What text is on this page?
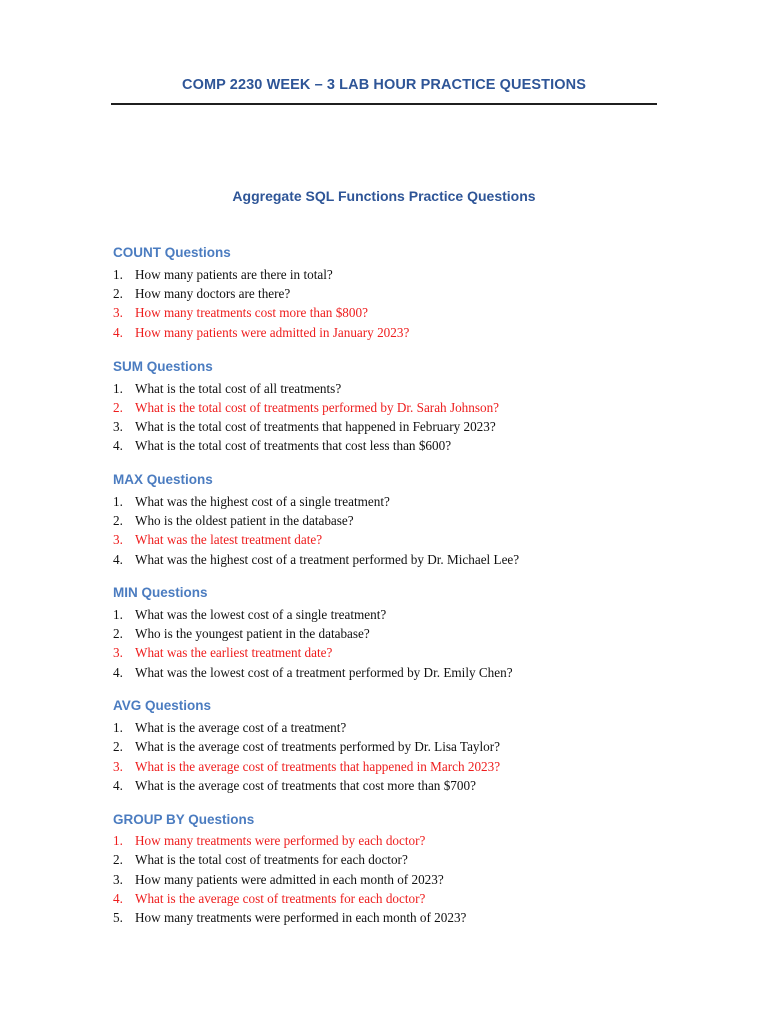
COMP 2230 WEEK – 3 LAB HOUR PRACTICE QUESTIONS
Aggregate SQL Functions Practice Questions
COUNT Questions
1. How many patients are there in total?
2. How many doctors are there?
3. How many treatments cost more than $800?
4. How many patients were admitted in January 2023?
SUM Questions
1. What is the total cost of all treatments?
2. What is the total cost of treatments performed by Dr. Sarah Johnson?
3. What is the total cost of treatments that happened in February 2023?
4. What is the total cost of treatments that cost less than $600?
MAX Questions
1. What was the highest cost of a single treatment?
2. Who is the oldest patient in the database?
3. What was the latest treatment date?
4. What was the highest cost of a treatment performed by Dr. Michael Lee?
MIN Questions
1. What was the lowest cost of a single treatment?
2. Who is the youngest patient in the database?
3. What was the earliest treatment date?
4. What was the lowest cost of a treatment performed by Dr. Emily Chen?
AVG Questions
1. What is the average cost of a treatment?
2. What is the average cost of treatments performed by Dr. Lisa Taylor?
3. What is the average cost of treatments that happened in March 2023?
4. What is the average cost of treatments that cost more than $700?
GROUP BY Questions
1. How many treatments were performed by each doctor?
2. What is the total cost of treatments for each doctor?
3. How many patients were admitted in each month of 2023?
4. What is the average cost of treatments for each doctor?
5. How many treatments were performed in each month of 2023?
